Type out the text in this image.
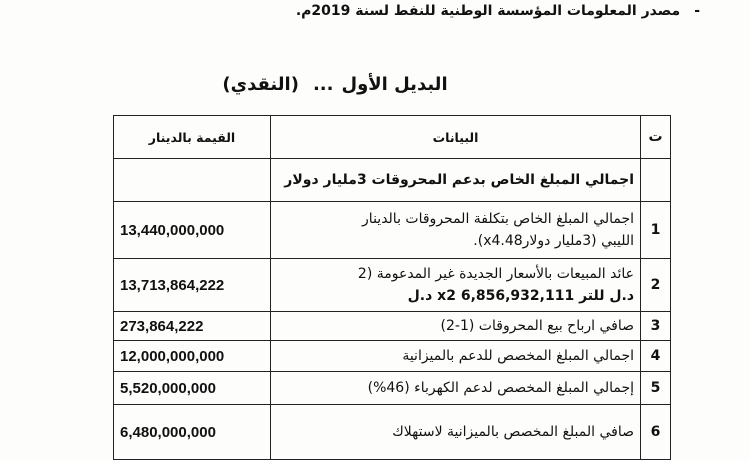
-مصدر المعلومات المؤسسة الوطنية للنفط لسنة 2019م.
البديل الأول...(النقدي)
ت	البيانات	القيمة بالدينار
	اجمالي المبلغ الخاص بدعم المحروقات 3مليار دولار	
1	اجمالي المبلغ الخاص بتكلفة المحروقات بالدينار
الليبي (3مليار دولارx4.48).	13,440,000,000
2	عائد المبيعات بالأسعار الجديدة غير المدعومة (2
د.ل للتر 6,856,932,111 x2 د.ل	13,713,864,222
3	صافي ارباح بيع المحروقات (1-2)	273,864,222
4	اجمالي المبلغ المخصص للدعم بالميزانية	12,000,000,000
5	إجمالي المبلغ المخصص لدعم الكهرباء (46%)	5,520,000,000
6	صافي المبلغ المخصص بالميزانية لاستهلاك	6,480,000,000
